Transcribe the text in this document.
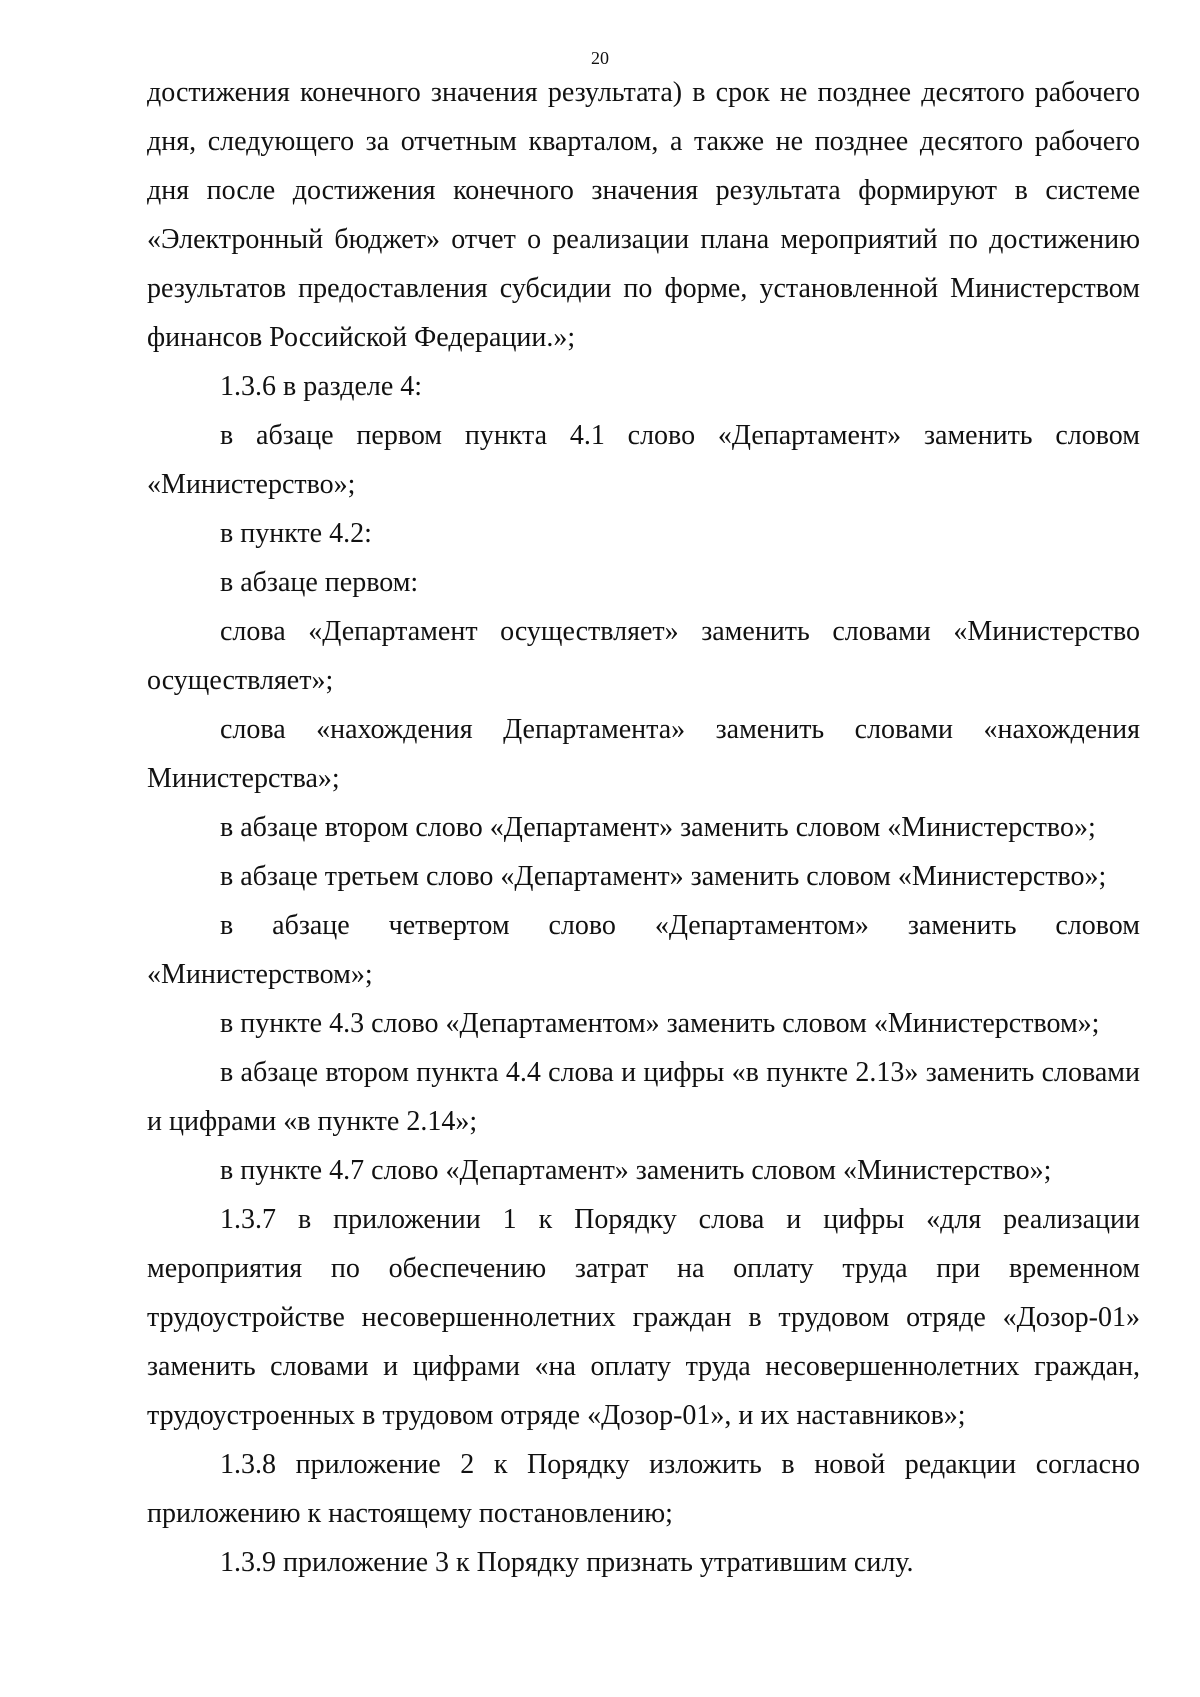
20

достижения конечного значения результата) в срок не позднее десятого рабочего дня, следующего за отчетным кварталом, а также не позднее десятого рабочего дня после достижения конечного значения результата формируют в системе «Электронный бюджет» отчет о реализации плана мероприятий по достижению результатов предоставления субсидии по форме, установленной Министерством финансов Российской Федерации.»;

1.3.6 в разделе 4:

в абзаце первом пункта 4.1 слово «Департамент» заменить словом «Министерство»;

в пункте 4.2:

в абзаце первом:

слова «Департамент осуществляет» заменить словами «Министерство осуществляет»;

слова «нахождения Департамента» заменить словами «нахождения Министерства»;

в абзаце втором слово «Департамент» заменить словом «Министерство»;

в абзаце третьем слово «Департамент» заменить словом «Министерство»;

в абзаце четвертом слово «Департаментом» заменить словом «Министерством»;

в пункте 4.3 слово «Департаментом» заменить словом «Министерством»;

в абзаце втором пункта 4.4 слова и цифры «в пункте 2.13» заменить словами и цифрами «в пункте 2.14»;

в пункте 4.7 слово «Департамент» заменить словом «Министерство»;

1.3.7 в приложении 1 к Порядку слова и цифры «для реализации мероприятия по обеспечению затрат на оплату труда при временном трудоустройстве несовершеннолетних граждан в трудовом отряде «Дозор-01» заменить словами и цифрами «на оплату труда несовершеннолетних граждан, трудоустроенных в трудовом отряде «Дозор-01», и их наставников»;

1.3.8 приложение 2 к Порядку изложить в новой редакции согласно приложению к настоящему постановлению;

1.3.9 приложение 3 к Порядку признать утратившим силу.
